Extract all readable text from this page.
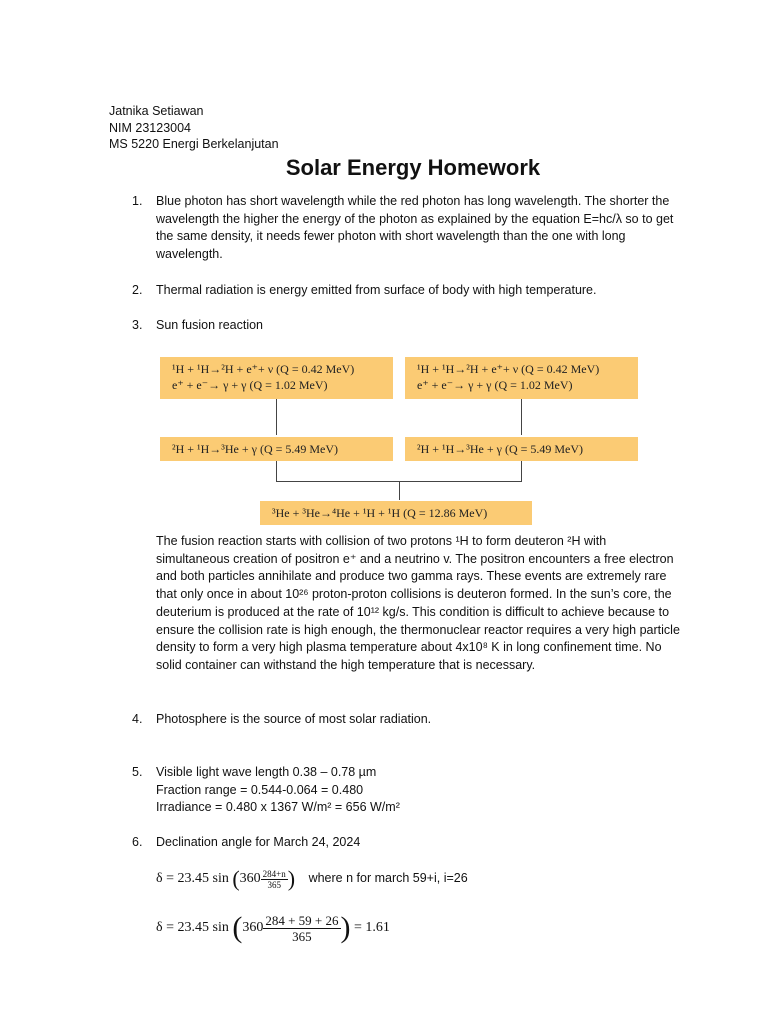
Jatnika Setiawan
NIM 23123004
MS 5220 Energi Berkelanjutan
Solar Energy Homework
1. Blue photon has short wavelength while the red photon has long wavelength. The shorter the
wavelength the higher the energy of the photon as explained by the equation E=hc/λ so to get
the same density, it needs fewer photon with short wavelength than the one with long
wavelength.
2. Thermal radiation is energy emitted from surface of body with high temperature.
3. Sun fusion reaction
¹H + ¹H→²H + e⁺+ ν (Q = 0.42 MeV)
e⁺ + e⁻→ γ + γ (Q = 1.02 MeV)
¹H + ¹H→²H + e⁺+ ν (Q = 0.42 MeV)
e⁺ + e⁻→ γ + γ (Q = 1.02 MeV)
²H + ¹H→³He + γ (Q = 5.49 MeV)	²H + ¹H→³He + γ (Q = 5.49 MeV)
³He + ³He→⁴He + ¹H + ¹H (Q = 12.86 MeV)
The fusion reaction starts with collision of two protons ¹H to form deuteron ²H with
simultaneous creation of positron e⁺ and a neutrino v. The positron encounters a free electron
and both particles annihilate and produce two gamma rays. These events are extremely rare
that only once in about 10²⁶ proton-proton collisions is deuteron formed. In the sun’s core, the
deuterium is produced at the rate of 10¹² kg/s. This condition is difficult to achieve because to
ensure the collision rate is high enough, the thermonuclear reactor requires a very high particle
density to form a very high plasma temperature about 4x10⁸ K in long confinement time. No
solid container can withstand the high temperature that is necessary.
4. Photosphere is the source of most solar radiation.
5. Visible light wave length 0.38 – 0.78 µm
Fraction range = 0.544-0.064 = 0.480
Irradiance = 0.480 x 1367 W/m² = 656 W/m²
6. Declination angle for March 24, 2024
δ = 23.45 $\sin (360 \frac{284+n}{365}$ ) where n for march 59+i, i=26
δ = 23.45 $\sin (360 \frac{284 + 59 + 26}{365}$ ) = 1.61
